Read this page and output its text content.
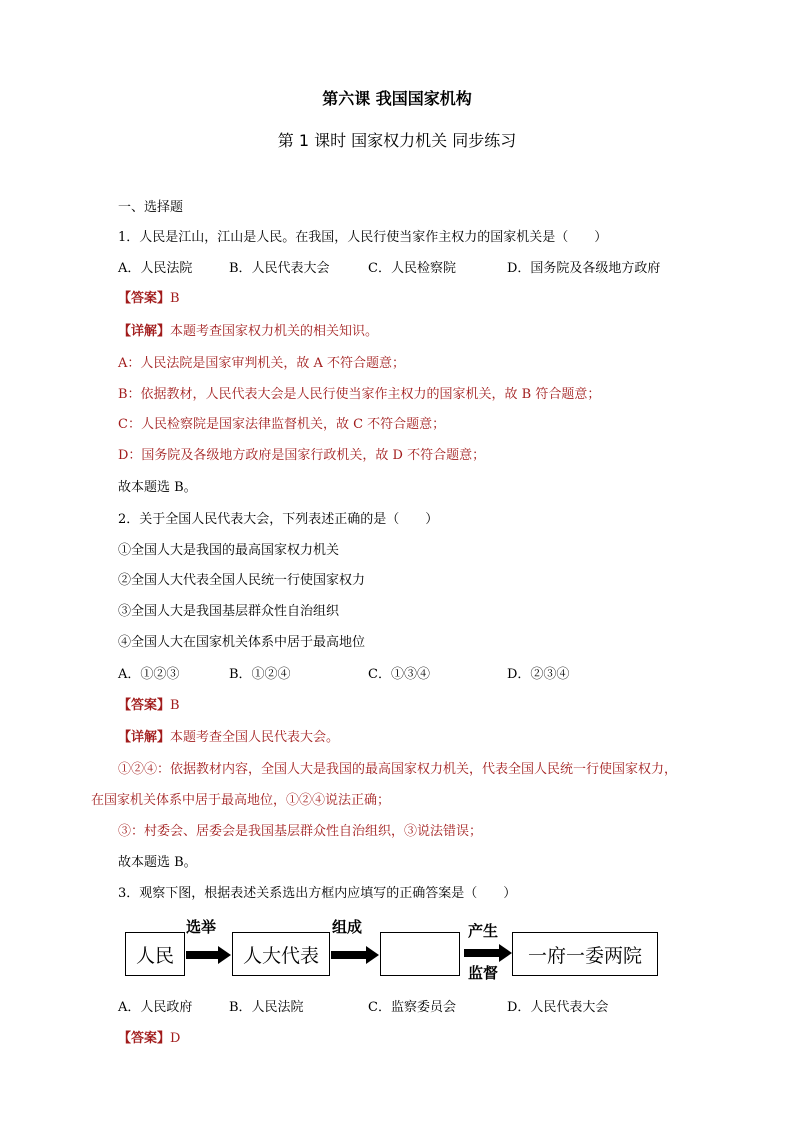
第六课 我国国家机构
第 1 课时 国家权力机关 同步练习
一、选择题
1．人民是江山，江山是人民。在我国，人民行使当家作主权力的国家机关是（　　）
A．人民法院	B．人民代表大会	C．人民检察院	D．国务院及各级地方政府
【答案】B
【详解】本题考查国家权力机关的相关知识。
A：人民法院是国家审判机关，故 A 不符合题意；
B：依据教材，人民代表大会是人民行使当家作主权力的国家机关，故 B 符合题意；
C：人民检察院是国家法律监督机关，故 C 不符合题意；
D：国务院及各级地方政府是国家行政机关，故 D 不符合题意；
故本题选 B。
2．关于全国人民代表大会，下列表述正确的是（　　）
①全国人大是我国的最高国家权力机关
②全国人大代表全国人民统一行使国家权力
③全国人大是我国基层群众性自治组织
④全国人大在国家机关体系中居于最高地位
A．①②③	B．①②④	C．①③④	D．②③④
【答案】B
【详解】本题考查全国人民代表大会。
①②④：依据教材内容，全国人大是我国的最高国家权力机关，代表全国人民统一行使国家权力，
在国家机关体系中居于最高地位，①②④说法正确；
③：村委会、居委会是我国基层群众性自治组织，③说法错误；
故本题选 B。
3．观察下图，根据表述关系选出方框内应填写的正确答案是（　　）
人民
选举
人大代表
组成	产生
监督
一府一委两院
A．人民政府	B．人民法院	C．监察委员会	D．人民代表大会
【答案】D
